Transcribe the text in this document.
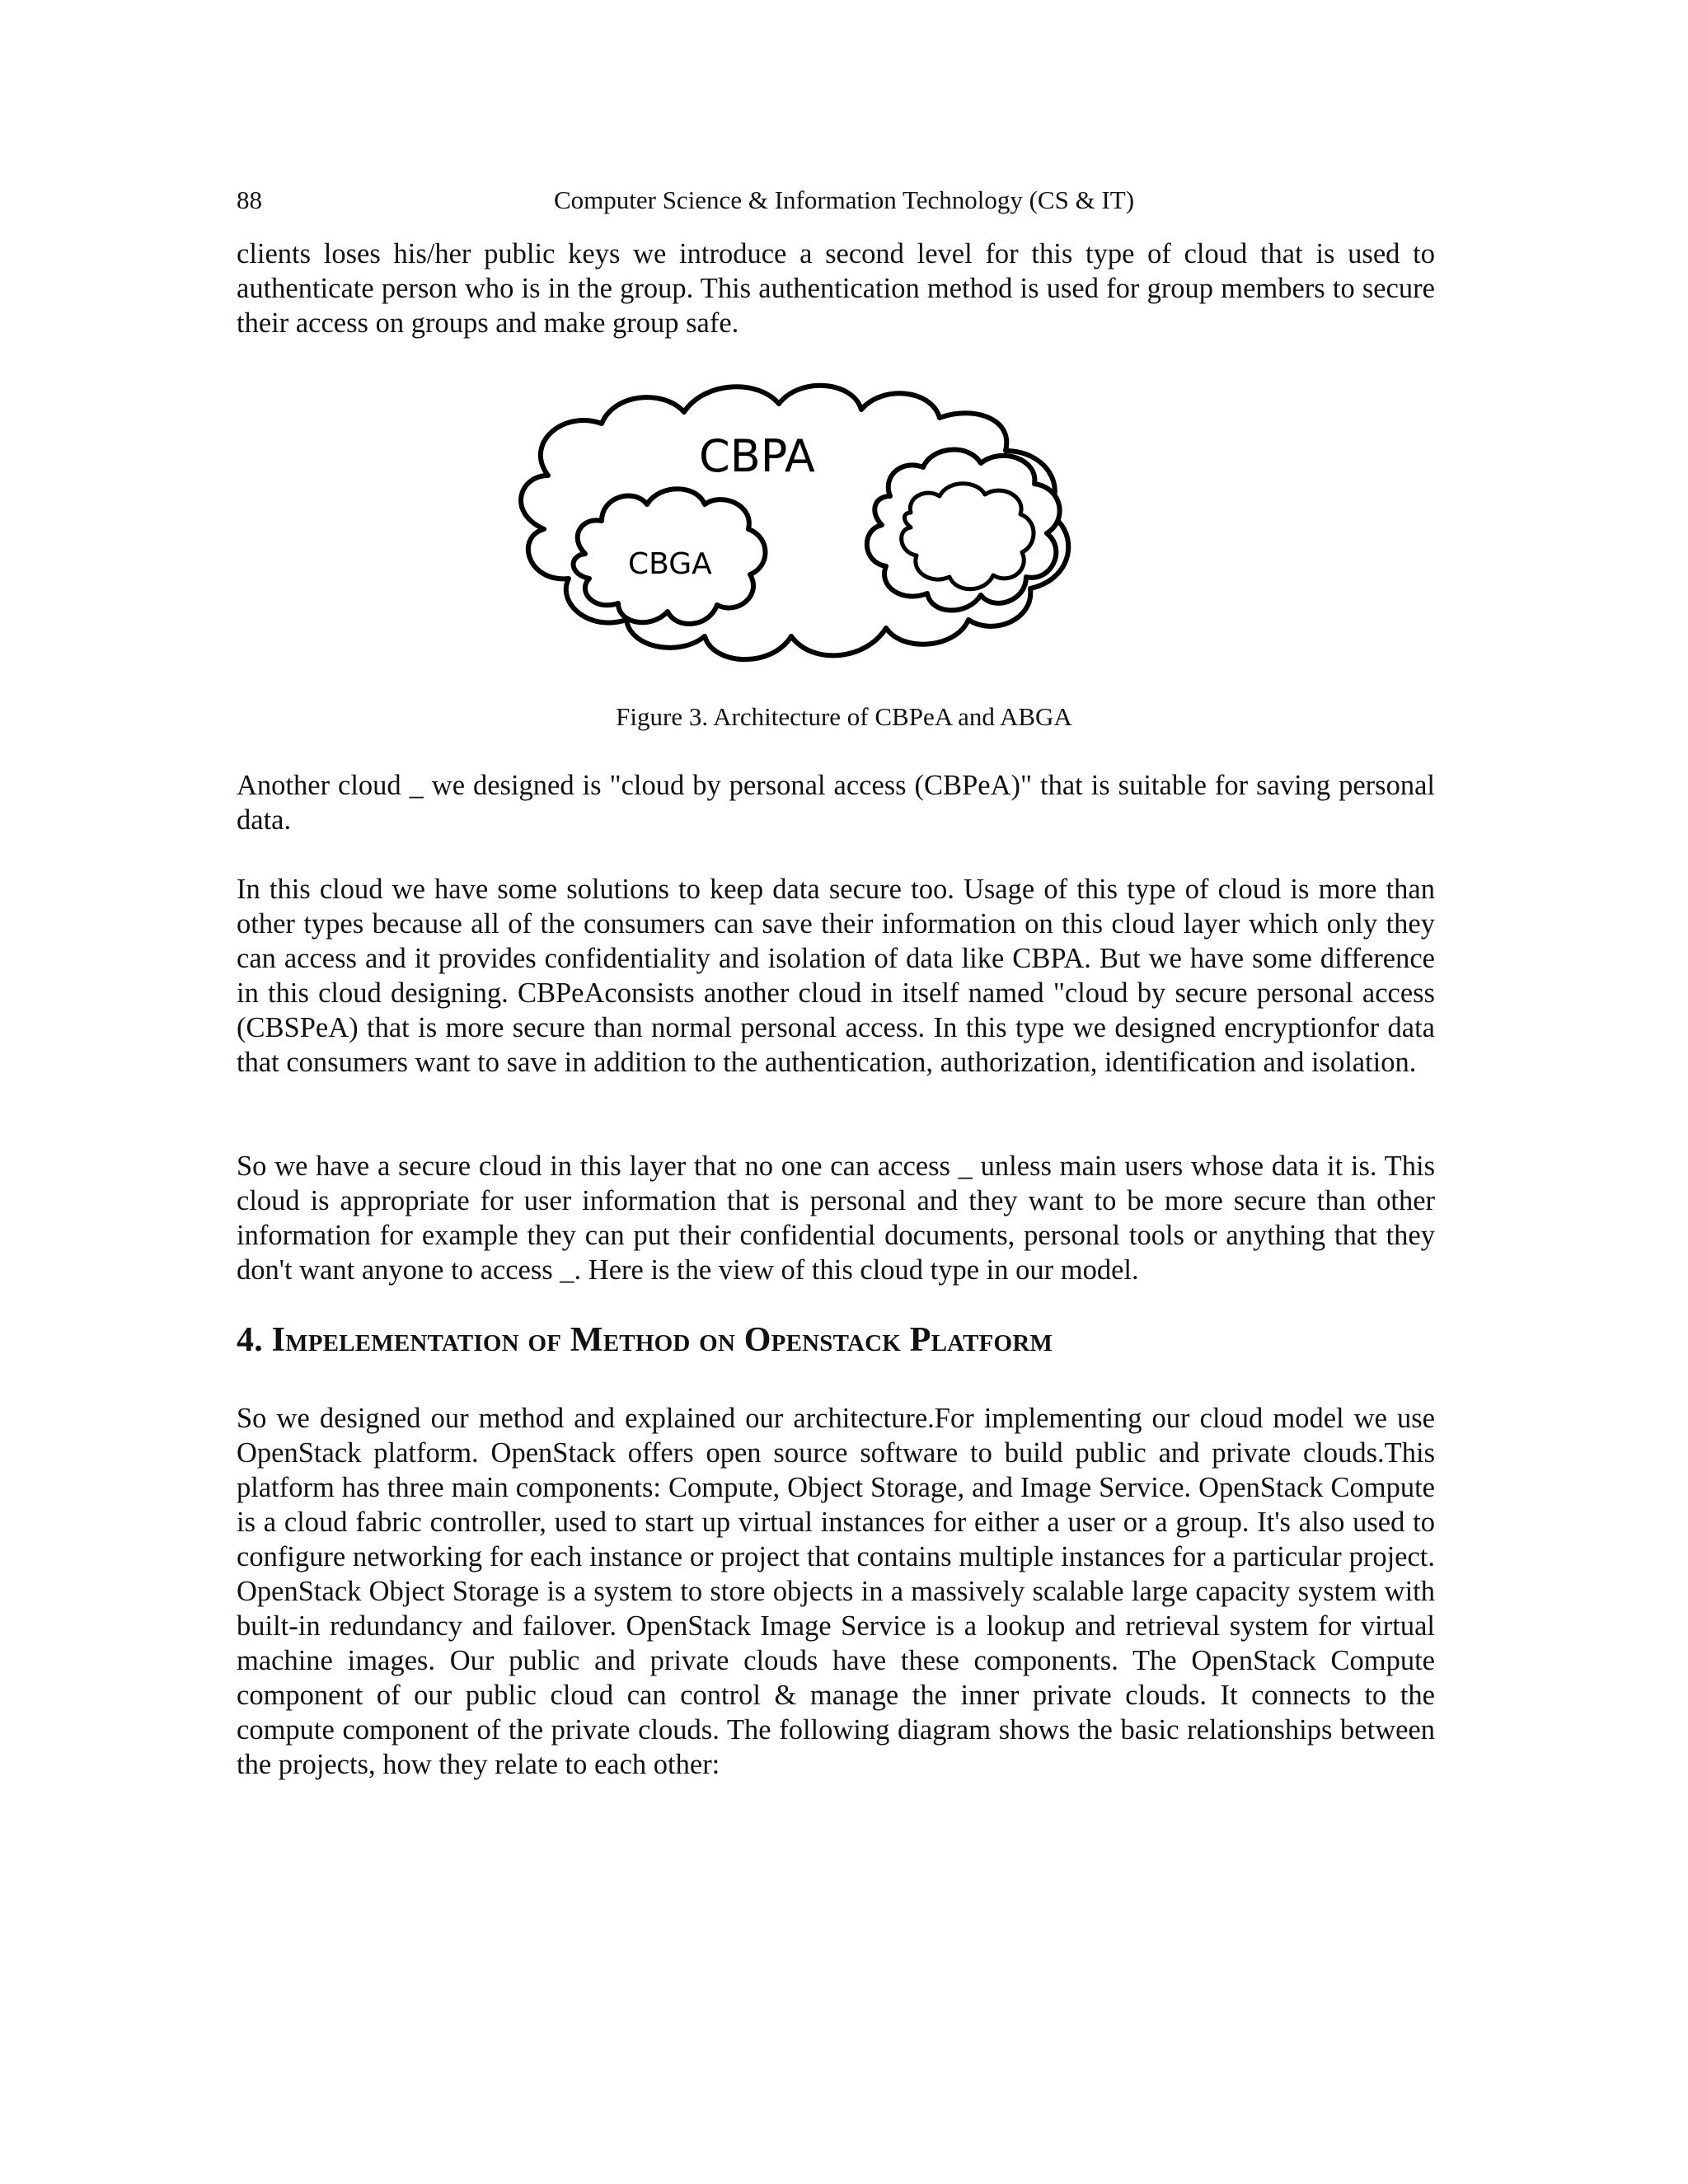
88	Computer Science & Information Technology (CS & IT)

clients loses his/her public keys we introduce a second level for this type of cloud that is used to authenticate person who is in the group. This authentication method is used for group members to secure their access on groups and make group safe.

CBPA
CBGA
Figure 3. Architecture of CBPeA and ABGA

Another cloud _ we designed is "cloud by personal access (CBPeA)" that is suitable for saving personal data.

In this cloud we have some solutions to keep data secure too. Usage of this type of cloud is more than other types because all of the consumers can save their information on this cloud layer which only they can access and it provides confidentiality and isolation of data like CBPA. But we have some difference in this cloud designing. CBPeAconsists another cloud in itself named "cloud by secure personal access (CBSPeA) that is more secure than normal personal access. In this type we designed encryptionfor data that consumers want to save in addition to the authentication, authorization, identification and isolation.

So we have a secure cloud in this layer that no one can access _ unless main users whose data it is. This cloud is appropriate for user information that is personal and they want to be more secure than other information for example they can put their confidential documents, personal tools or anything that they don't want anyone to access _. Here is the view of this cloud type in our model.

4. Impelementation of Method on Openstack Platform

So we designed our method and explained our architecture.For implementing our cloud model we use OpenStack platform. OpenStack offers open source software to build public and private clouds.This platform has three main components: Compute, Object Storage, and Image Service. OpenStack Compute is a cloud fabric controller, used to start up virtual instances for either a user or a group. It's also used to configure networking for each instance or project that contains multiple instances for a particular project. OpenStack Object Storage is a system to store objects in a massively scalable large capacity system with built-in redundancy and failover. OpenStack Image Service is a lookup and retrieval system for virtual machine images. Our public and private clouds have these components. The OpenStack Compute component of our public cloud can control & manage the inner private clouds. It connects to the compute component of the private clouds. The following diagram shows the basic relationships between the projects, how they relate to each other:
